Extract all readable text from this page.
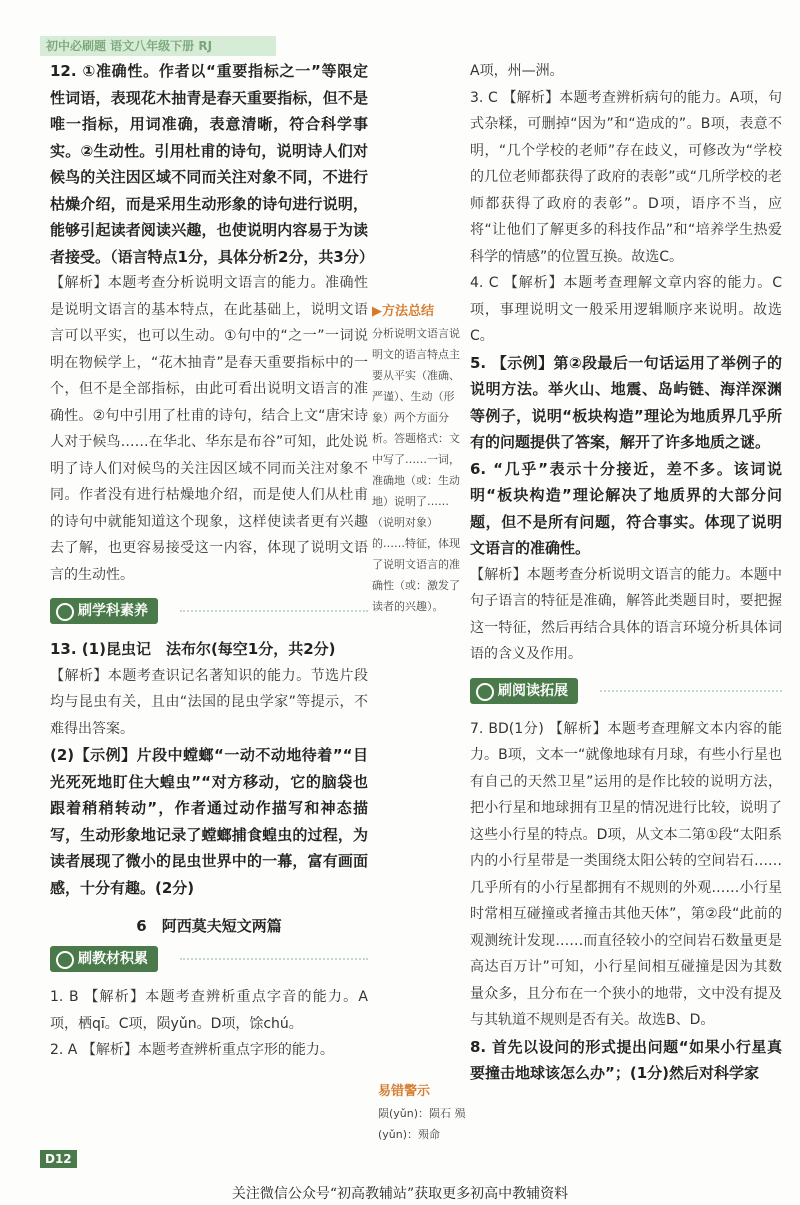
初中必刷题 语文八年级下册 RJ

12. ①准确性。作者以“重要指标之一”等限定性词语，表现花木抽青是春天重要指标，但不是唯一指标，用词准确，表意清晰，符合科学事实。②生动性。引用杜甫的诗句，说明诗人们对候鸟的关注因区域不同而关注对象不同，不进行枯燥介绍，而是采用生动形象的诗句进行说明，能够引起读者阅读兴趣，也使说明内容易于为读者接受。（语言特点1分，具体分析2分，共3分）

【解析】本题考查分析说明文语言的能力。准确性是说明文语言的基本特点，在此基础上，说明文语言可以平实，也可以生动。①句中的“之一”一词说明在物候学上，“花木抽青”是春天重要指标中的一个，但不是全部指标，由此可看出说明文语言的准确性。②句中引用了杜甫的诗句，结合上文“唐宋诗人对于候鸟……在华北、华东是布谷”可知，此处说明了诗人们对候鸟的关注因区域不同而关注对象不同。作者没有进行枯燥地介绍，而是使人们从杜甫的诗句中就能知道这个现象，这样使读者更有兴趣去了解，也更容易接受这一内容，体现了说明文语言的生动性。

刷学科素养

13. (1)昆虫记　法布尔(每空1分，共2分)

【解析】本题考查识记名著知识的能力。节选片段均与昆虫有关，且由“法国的昆虫学家”等提示，不难得出答案。

(2)【示例】片段中螳螂“一动不动地待着”“目光死死地盯住大蝗虫”“对方移动，它的脑袋也跟着稍稍转动”，作者通过动作描写和神态描写，生动形象地记录了螳螂捕食蝗虫的过程，为读者展现了微小的昆虫世界中的一幕，富有画面感，十分有趣。(2分)

6　阿西莫夫短文两篇
刷教材积累

1. B 【解析】本题考查辨析重点字音的能力。A项，栖qī。C项，陨yǔn。D项，馀chú。

2. A 【解析】本题考查辨析重点字形的能力。

▶方法总结

分析说明文语言说明文的语言特点主要从平实（准确、严谨）、生动（形象）两个方面分析。答题格式：文中写了……一词，准确地（或：生动地）说明了……（说明对象）的……特征，体现了说明文语言的准确性（或：激发了读者的兴趣）。

易错警示

陨(yǔn)：陨石 殒(yǔn)：殒命

A项，州—洲。

3. C 【解析】本题考查辨析病句的能力。A项，句式杂糅，可删掉“因为”和“造成的”。B项，表意不明，“几个学校的老师”存在歧义，可修改为“学校的几位老师都获得了政府的表彰”或“几所学校的老师都获得了政府的表彰”。D项，语序不当，应将“让他们了解更多的科技作品”和“培养学生热爱科学的情感”的位置互换。故选C。

4. C 【解析】本题考查理解文章内容的能力。C项，事理说明文一般采用逻辑顺序来说明。故选C。

5. 【示例】第②段最后一句话运用了举例子的说明方法。举火山、地震、岛屿链、海洋深渊等例子，说明“板块构造”理论为地质界几乎所有的问题提供了答案，解开了许多地质之谜。

6. “几乎”表示十分接近，差不多。该词说明“板块构造”理论解决了地质界的大部分问题，但不是所有问题，符合事实。体现了说明文语言的准确性。

【解析】本题考查分析说明文语言的能力。本题中句子语言的特征是准确，解答此类题目时，要把握这一特征，然后再结合具体的语言环境分析具体词语的含义及作用。

刷阅读拓展

7. BD(1分) 【解析】本题考查理解文本内容的能力。B项，文本一“就像地球有月球，有些小行星也有自己的天然卫星”运用的是作比较的说明方法，把小行星和地球拥有卫星的情况进行比较，说明了这些小行星的特点。D项，从文本二第①段“太阳系内的小行星带是一类围绕太阳公转的空间岩石……几乎所有的小行星都拥有不规则的外观……小行星时常相互碰撞或者撞击其他天体”，第②段“此前的观测统计发现……而直径较小的空间岩石数量更是高达百万计”可知，小行星间相互碰撞是因为其数量众多，且分布在一个狭小的地带，文中没有提及与其轨道不规则是否有关。故选B、D。

8. 首先以设问的形式提出问题“如果小行星真要撞击地球该怎么办”；(1分)然后对科学家

D12
关注微信公众号“初高教辅站”获取更多初高中教辅资料
